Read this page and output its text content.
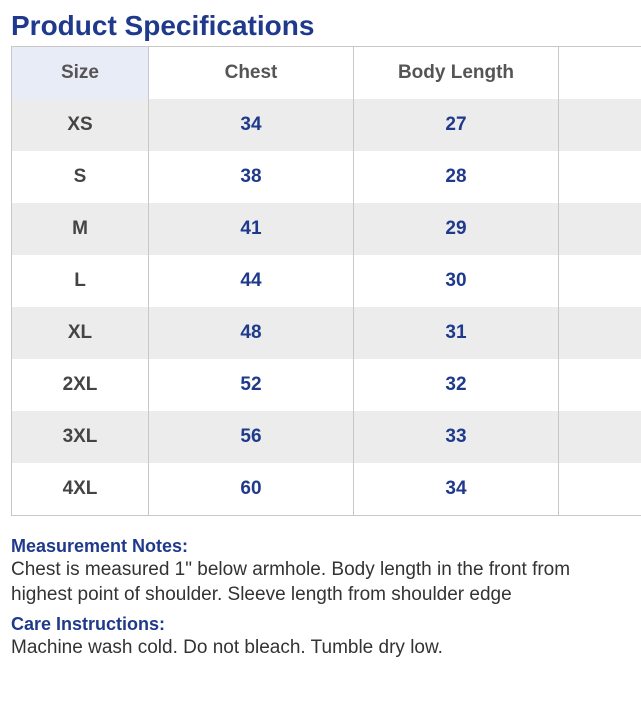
Product Specifications
Size	Chest	Body Length	
XS	34	27	
S	38	28	
M	41	29	
L	44	30	
XL	48	31	
2XL	52	32	
3XL	56	33	
4XL	60	34	
Measurement Notes:
Chest is measured 1" below armhole. Body length in the front from highest point of shoulder. Sleeve length from shoulder edge
Care Instructions:
Machine wash cold. Do not bleach. Tumble dry low.
